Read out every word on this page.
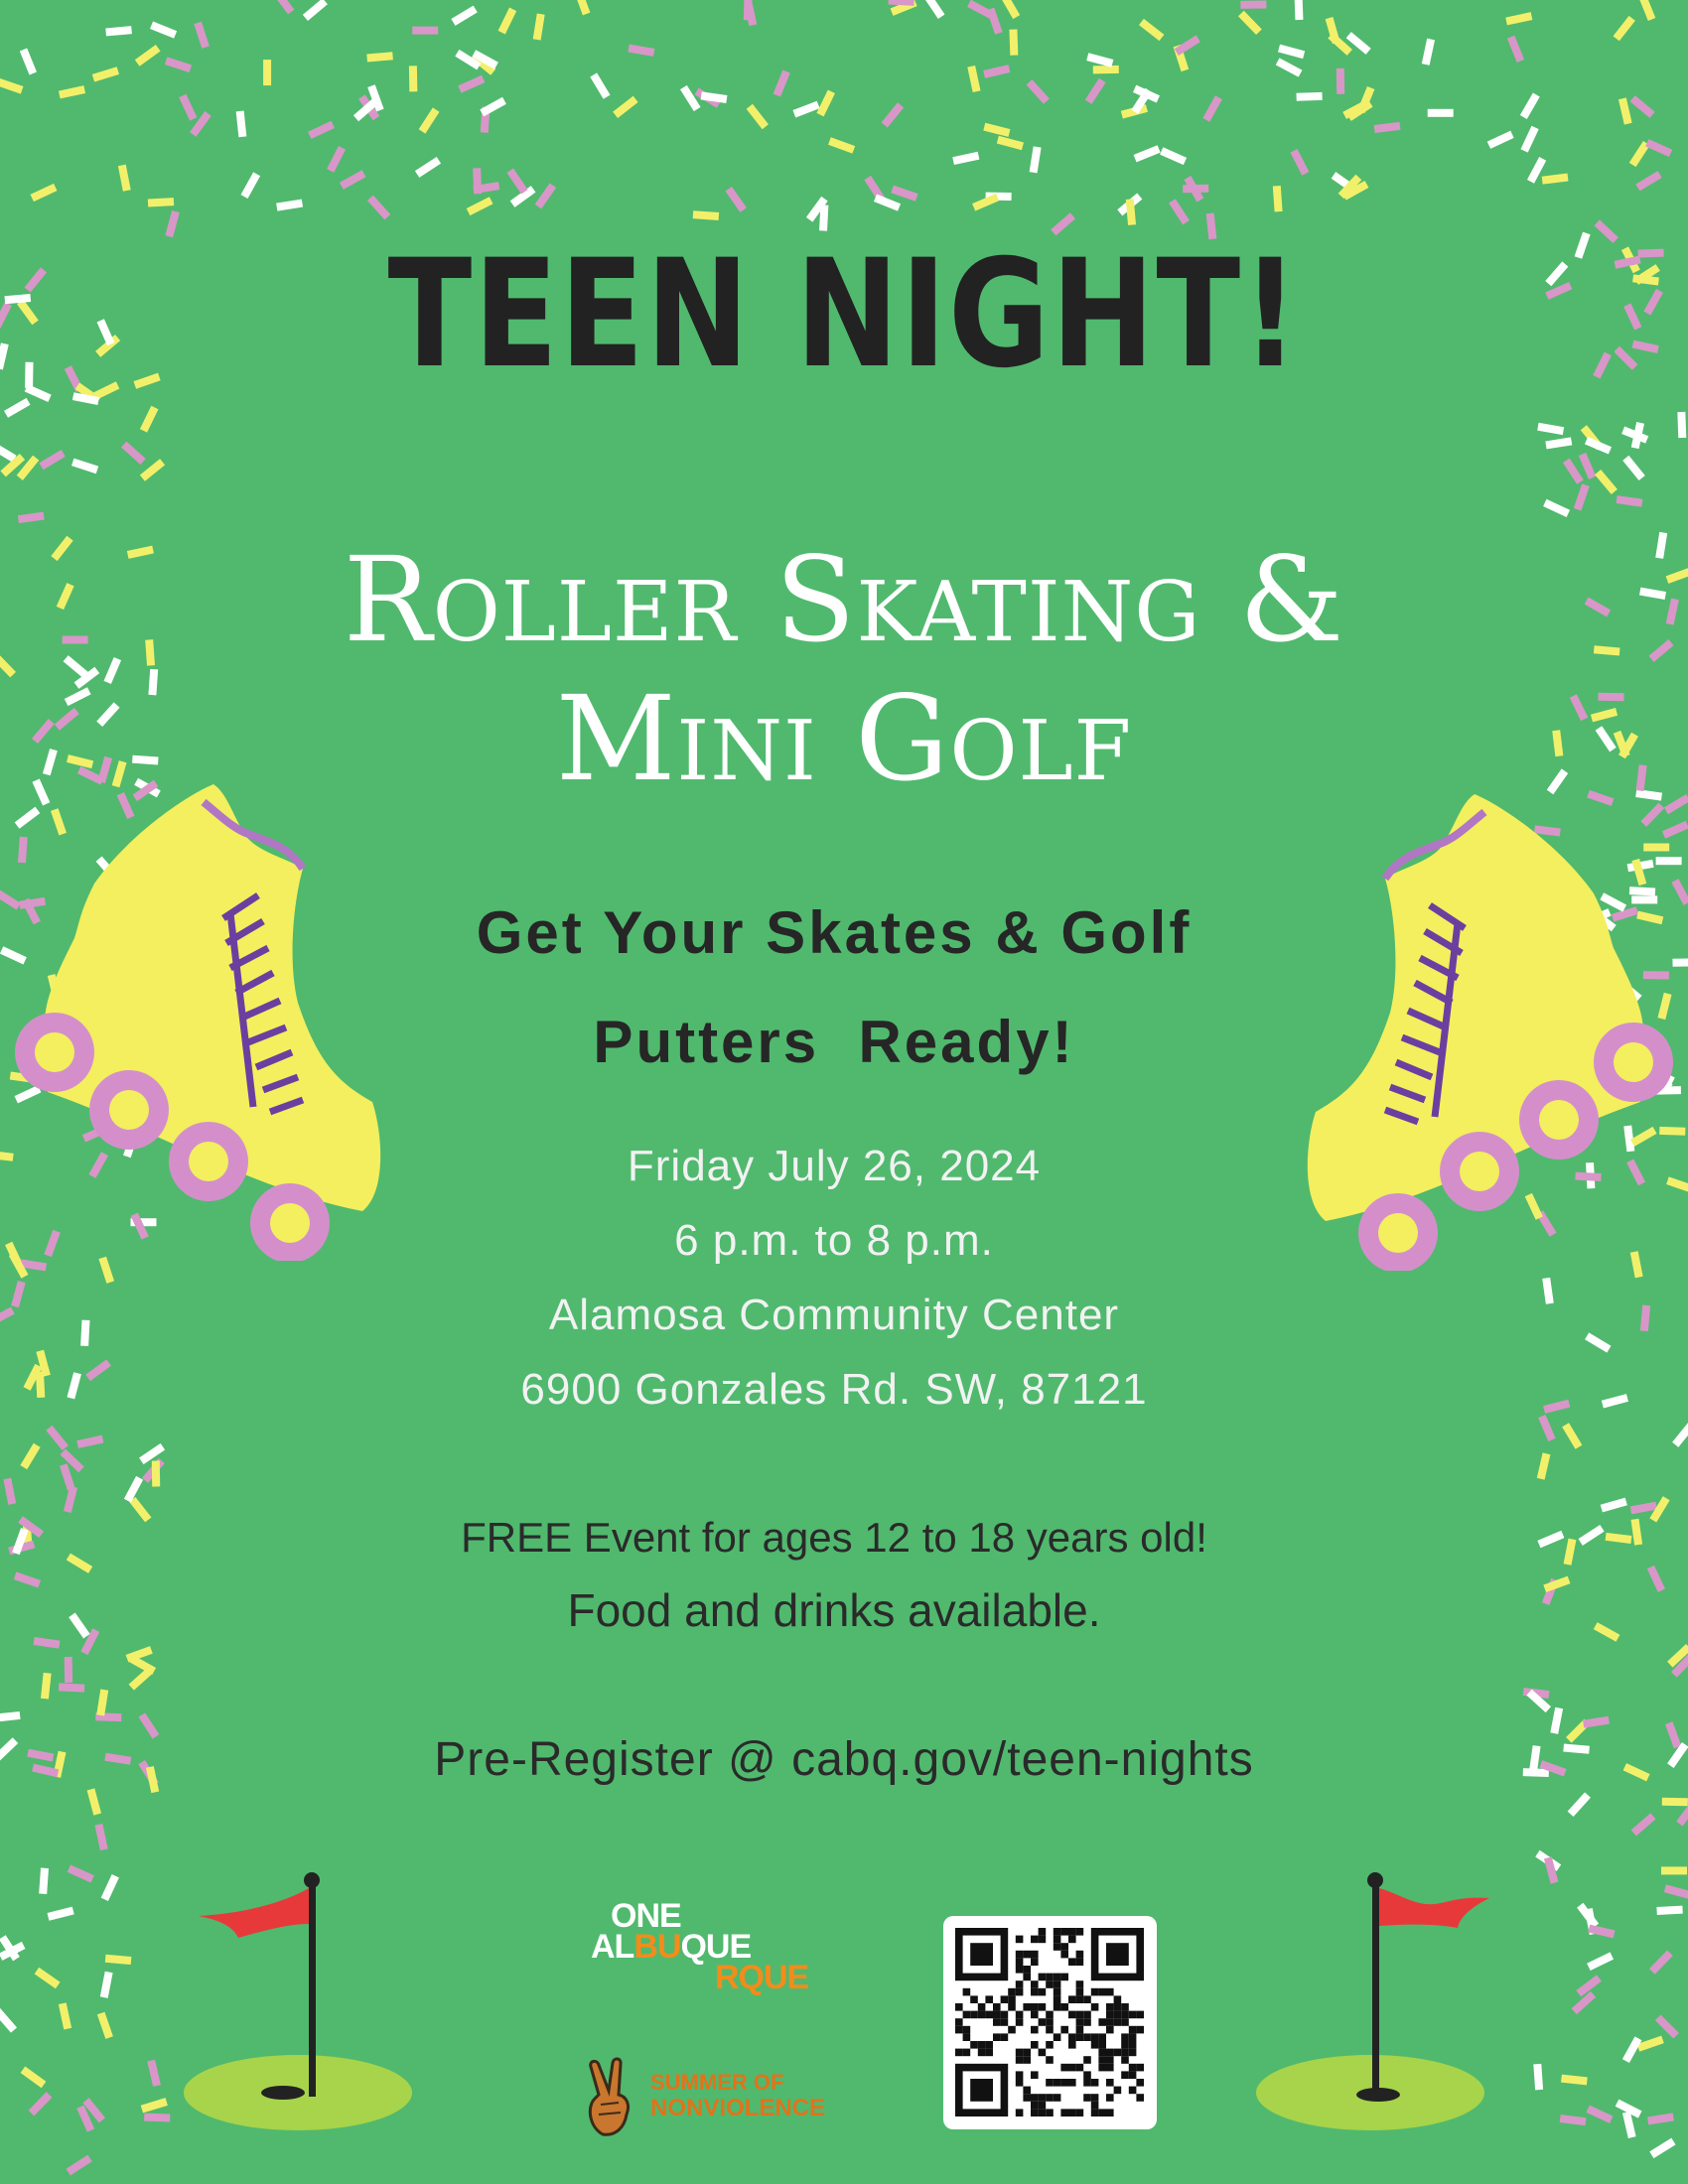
TEEN NIGHT!
Roller Skating &
Mini Golf
Get Your Skates & Golf
Putters  Ready!
Friday July 26, 2024
6 p.m. to 8 p.m.
Alamosa Community Center
6900 Gonzales Rd. SW, 87121
FREE Event for ages 12 to 18 years old!
Food and drinks available.
Pre-Register @ cabq.gov/teen-nights
ONE
ALBUQUE
RQUE
SUMMER OF
NONVIOLENCE
